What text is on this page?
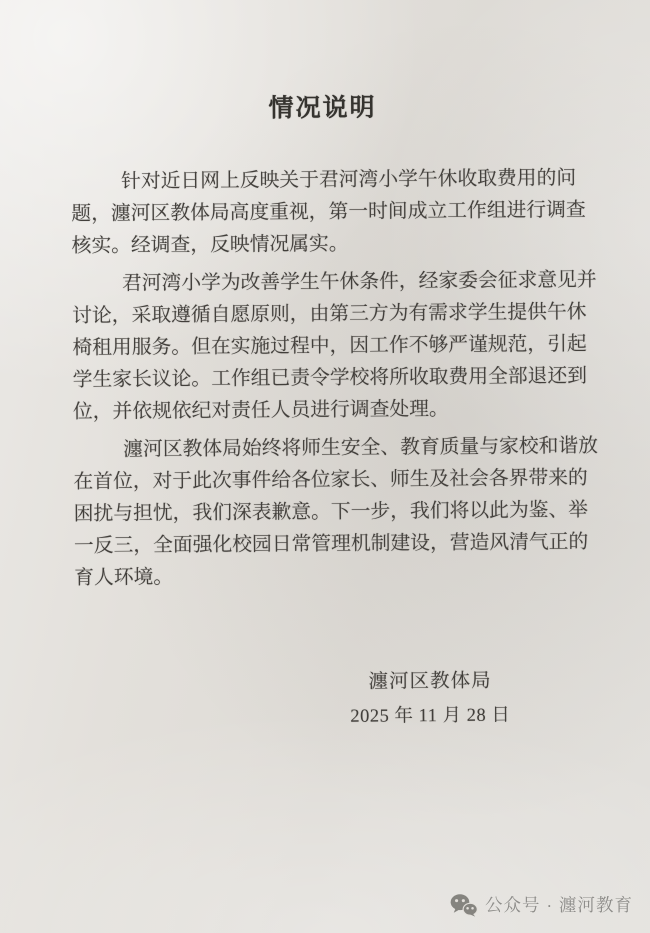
情况说明
针对近日网上反映关于君河湾小学午休收取费用的问
题，瀍河区教体局高度重视，第一时间成立工作组进行调查
核实。经调查，反映情况属实。
君河湾小学为改善学生午休条件，经家委会征求意见并
讨论，采取遵循自愿原则，由第三方为有需求学生提供午休
椅租用服务。但在实施过程中，因工作不够严谨规范，引起
学生家长议论。工作组已责令学校将所收取费用全部退还到
位，并依规依纪对责任人员进行调查处理。
瀍河区教体局始终将师生安全、教育质量与家校和谐放
在首位，对于此次事件给各位家长、师生及社会各界带来的
困扰与担忧，我们深表歉意。下一步，我们将以此为鉴、举
一反三，全面强化校园日常管理机制建设，营造风清气正的
育人环境。
瀍河区教体局
2025 年 11 月 28 日
公众号 · 瀍河教育
